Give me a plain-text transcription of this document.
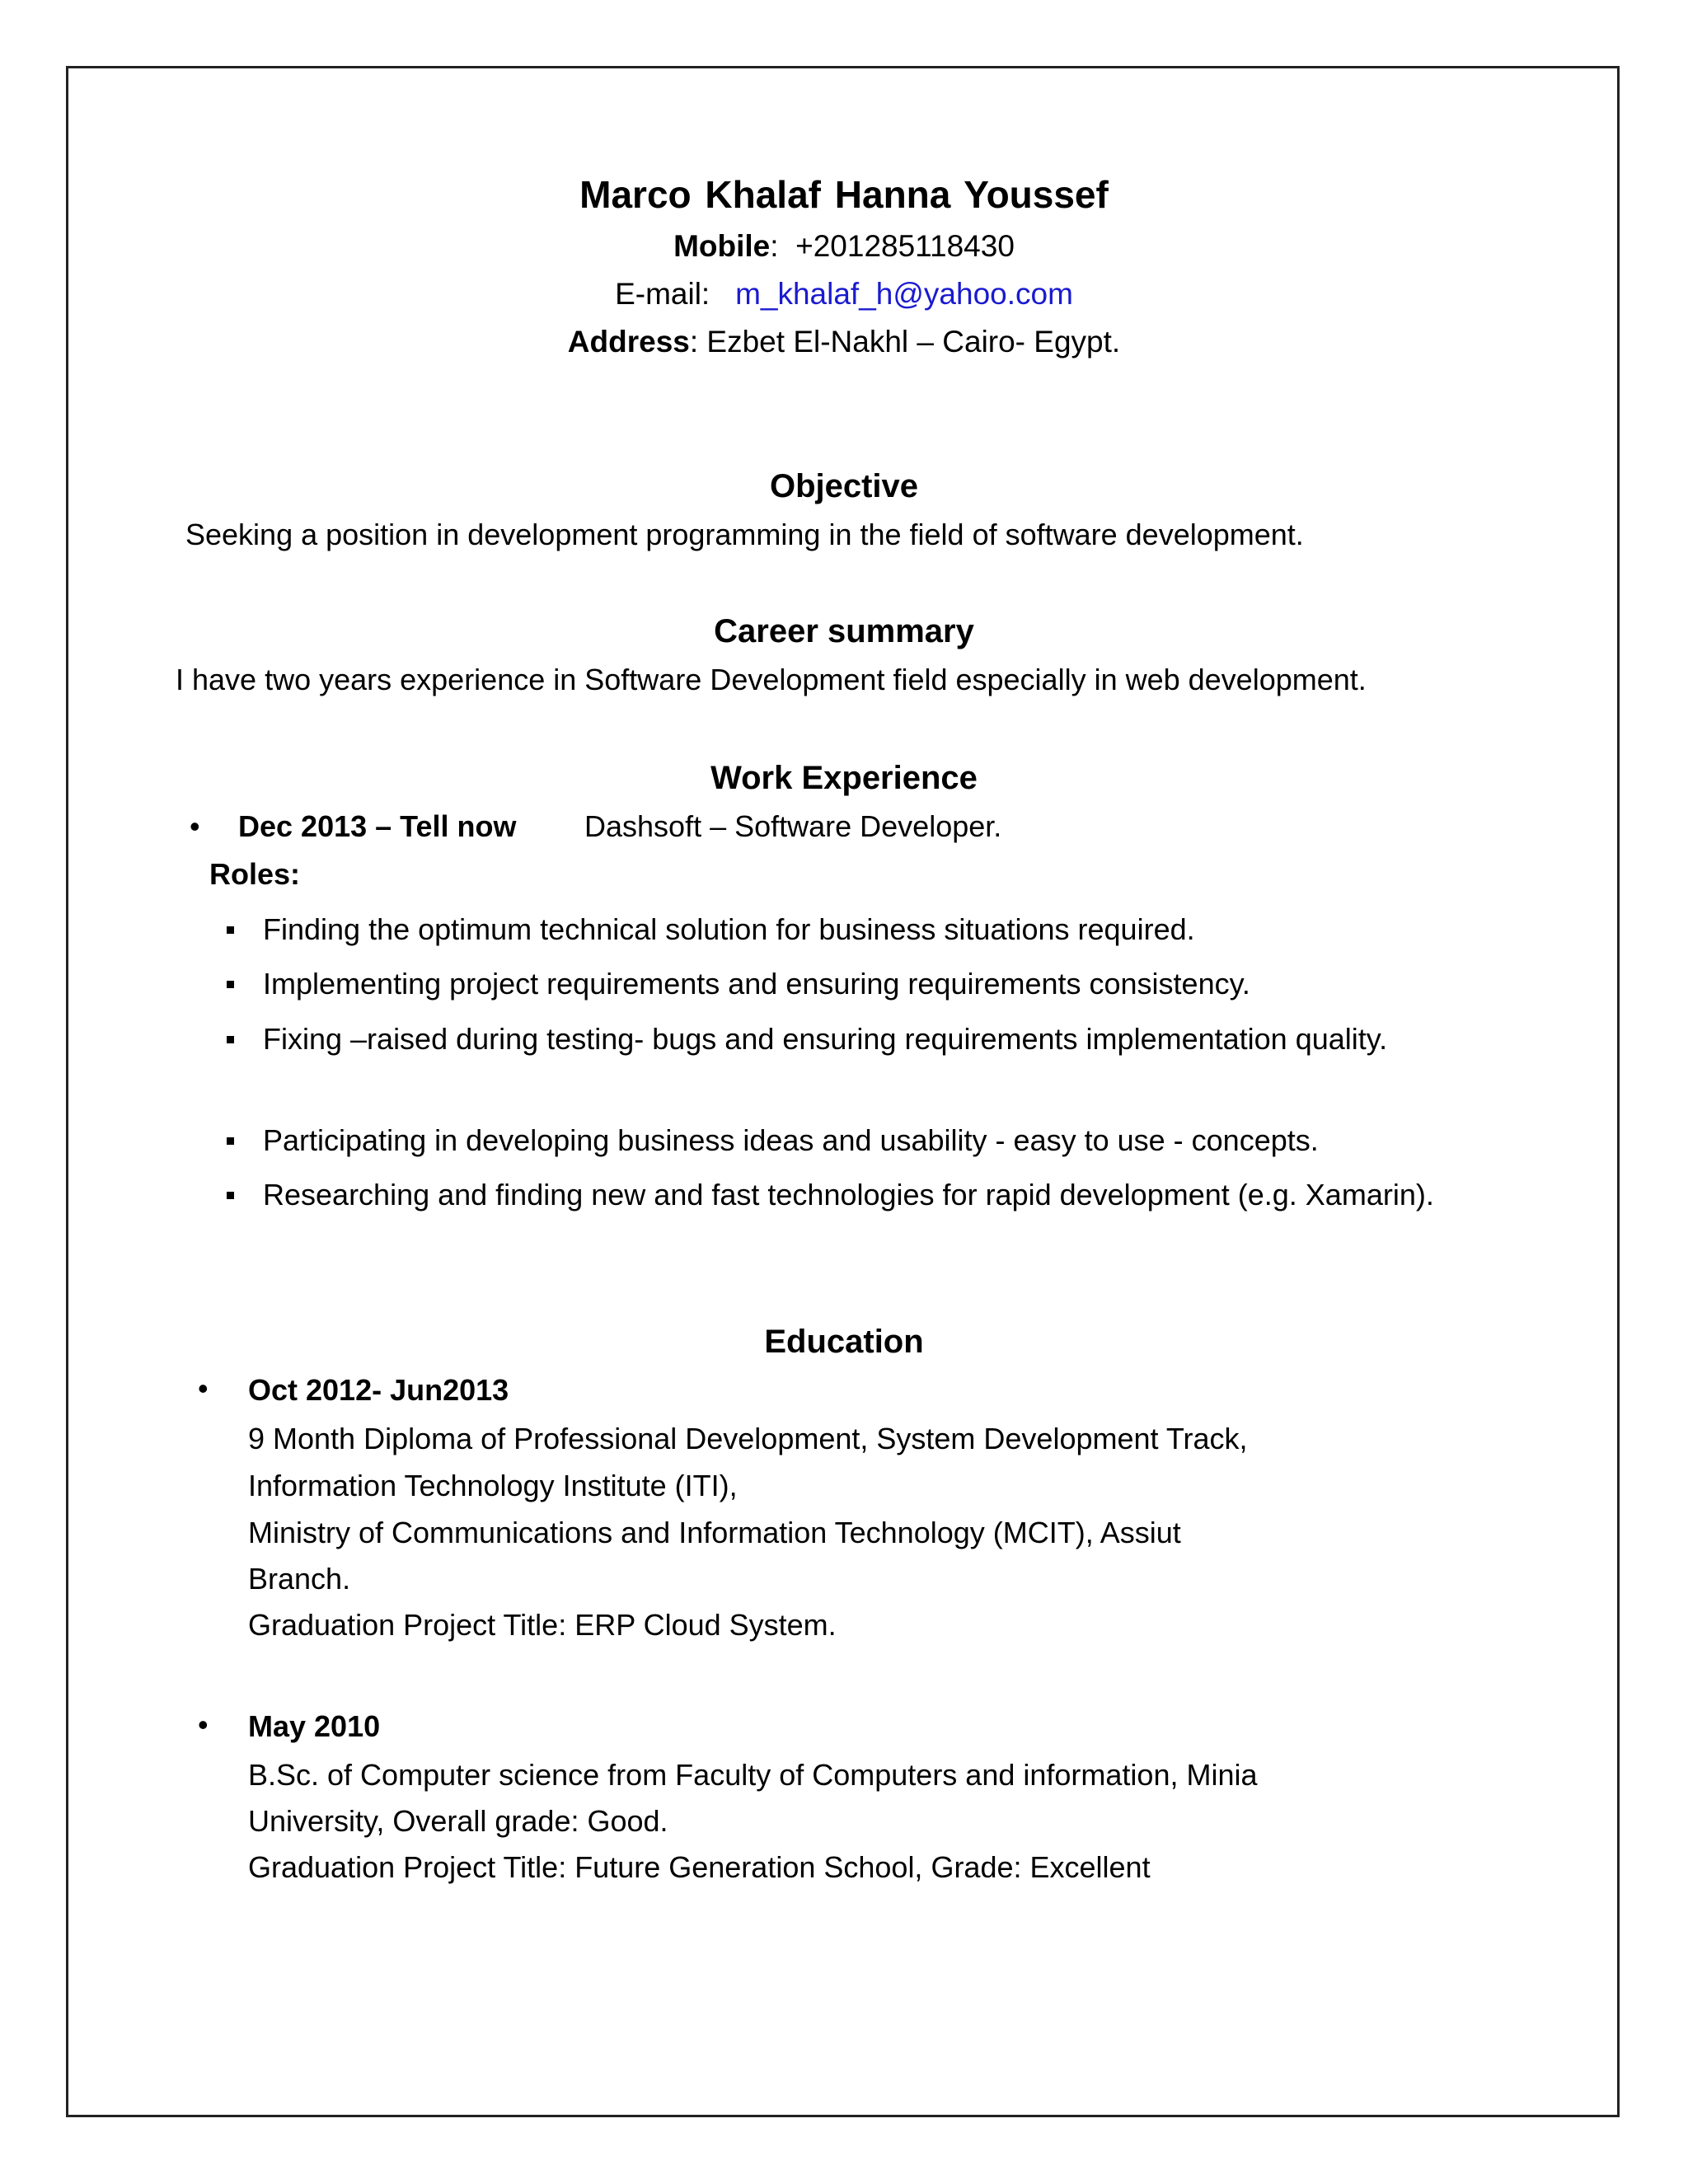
Marco Khalaf Hanna Youssef
Mobile:  +201285118430
E-mail: m_khalaf_h@yahoo.com
Address: Ezbet El-Nakhl – Cairo- Egypt.
Objective
Seeking a position in development programming in the field of software development.
Career summary
I have two years experience in Software Development field especially in web development.
Work Experience
• Dec 2013 – Tell now Dashsoft – Software Developer.
Roles:
Finding the optimum technical solution for business situations required.
Implementing project requirements and ensuring requirements consistency.
Fixing –raised during testing- bugs and ensuring requirements implementation quality.
Participating in developing business ideas and usability - easy to use - concepts.
Researching and finding new and fast technologies for rapid development (e.g. Xamarin).
Education
• Oct 2012- Jun2013
9 Month Diploma of Professional Development, System Development Track,
Information Technology Institute (ITI),
Ministry of Communications and Information Technology (MCIT), Assiut
Branch.
Graduation Project Title: ERP Cloud System.
• May 2010
B.Sc. of Computer science from Faculty of Computers and information, Minia
University, Overall grade: Good.
Graduation Project Title: Future Generation School, Grade: Excellent
